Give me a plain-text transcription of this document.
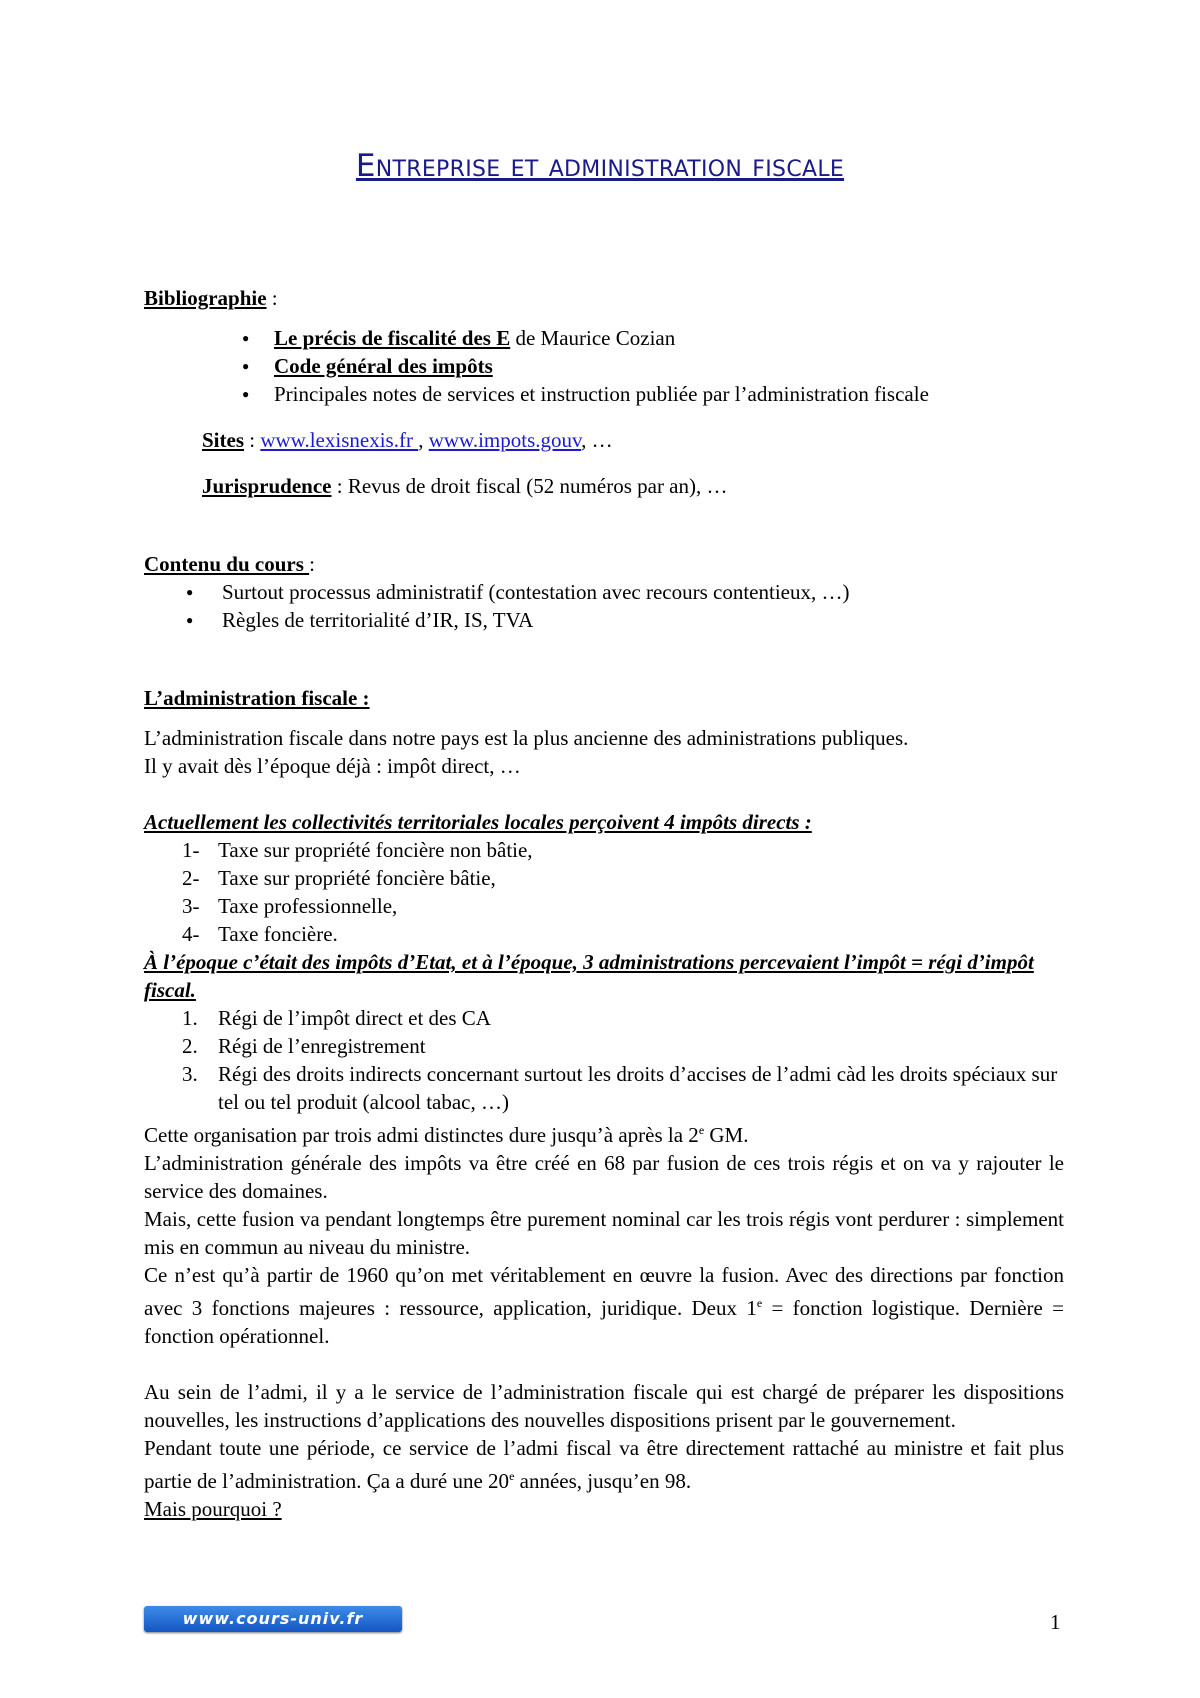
Entreprise et administration fiscale

Bibliographie :

● Le précis de fiscalité des E de Maurice Cozian
● Code général des impôts
● Principales notes de services et instruction publiée par l’administration fiscale

Sites : www.lexisnexis.fr , www.impots.gouv, …

Jurisprudence : Revus de droit fiscal (52 numéros par an), …

Contenu du cours :

● Surtout processus administratif (contestation avec recours contentieux, …)
● Règles de territorialité d’IR, IS, TVA

L’administration fiscale :

L’administration fiscale dans notre pays est la plus ancienne des administrations publiques.

Il y avait dès l’époque déjà : impôt direct, …

Actuellement les collectivités territoriales locales perçoivent 4 impôts directs :

1- Taxe sur propriété foncière non bâtie,
2- Taxe sur propriété foncière bâtie,
3- Taxe professionnelle,
4- Taxe foncière.

À l’époque c’était des impôts d’Etat, et à l’époque, 3 administrations percevaient l’impôt = régi d’impôt fiscal.

1. Régi de l’impôt direct et des CA
2. Régi de l’enregistrement
3. Régi des droits indirects concernant surtout les droits d’accises de l’admi càd les droits spéciaux sur tel ou tel produit (alcool tabac, …)

Cette organisation par trois admi distinctes dure jusqu’à après la 2e GM.

L’administration générale des impôts va être créé en 68 par fusion de ces trois régis et on va y rajouter le service des domaines.

Mais, cette fusion va pendant longtemps être purement nominal car les trois régis vont perdurer : simplement mis en commun au niveau du ministre.

Ce n’est qu’à partir de 1960 qu’on met véritablement en œuvre la fusion. Avec des directions par fonction avec 3 fonctions majeures : ressource, application, juridique. Deux $1^e$ = fonction logistique. Dernière = fonction opérationnel.

Au sein de l’admi, il y a le service de l’administration fiscale qui est chargé de préparer les dispositions nouvelles, les instructions d’applications des nouvelles dispositions prisent par le gouvernement.

Pendant toute une période, ce service de l’admi fiscal va être directement rattaché au ministre et fait plus partie de l’administration. Ça a duré une 20e années, jusqu’en 98.

Mais pourquoi ?

www.cours-univ.fr	1
